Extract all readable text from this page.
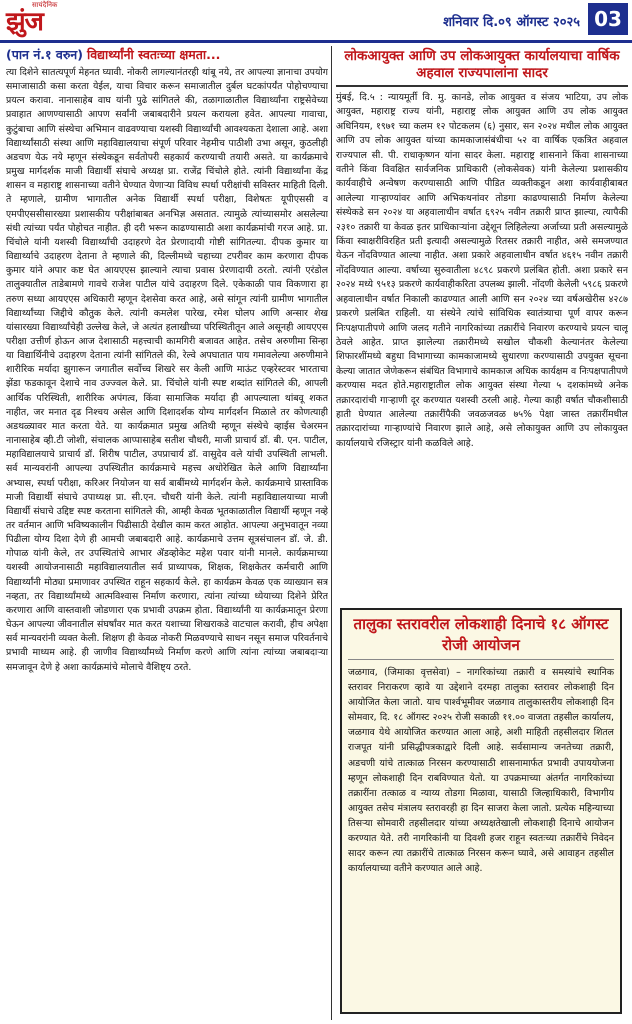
सायंदैनिक
झुंज	शनिवार दि.०९ ऑगस्ट २०२५ 03
(पान नं.१ वरुन) विद्यार्थ्यांनी स्वतःच्या क्षमता...

त्या दिशेने सातत्यपूर्ण मेहनत घ्यावी. नोकरी लागल्यानंतरही थांबू नये, तर आपल्या ज्ञानाचा उपयोग समाजासाठी कसा करता येईल, याचा विचार करून समाजातील दुर्बल घटकांपर्यंत पोहोचण्याचा प्रयत्न करावा. नानासाहेब वाघ यांनी पुढे सांगितले की, तळागाळातील विद्यार्थ्यांना राष्ट्रसेवेच्या प्रवाहात आणण्यासाठी आपण सर्वांनी जबाबदारीने प्रयत्न करायला हवेत. आपल्या गावाचा, कुटुंबाचा आणि संस्थेचा अभिमान वाढवण्याचा यशस्वी विद्यार्थ्यांची आवश्यकता देशाला आहे. अशा विद्यार्थ्यांसाठी संस्था आणि महाविद्यालयाचा संपूर्ण परिवार नेहमीच पाठीशी उभा असून, कुठलीही अडचण येऊ नये म्हणून संस्थेकडून सर्वतोपरी सहकार्य करण्याची तयारी असते. या कार्यक्रमाचे प्रमुख मार्गदर्शक माजी विद्यार्थी संघाचे अध्यक्ष प्रा. राजेंद्र चिंचोले होते. त्यांनी विद्यार्थ्यांना केंद्र शासन व महाराष्ट्र शासनाच्या वतीने घेण्यात येणाऱ्या विविध स्पर्धा परीक्षांची सविस्तर माहिती दिली. ते म्हणाले, ग्रामीण भागातील अनेक विद्यार्थी स्पर्धा परीक्षा, विशेषतः यूपीएससी व एमपीएससीसारख्या प्रशासकीय परीक्षांबाबत अनभिज्ञ असतात. त्यामुळे त्यांच्यासमोर असलेल्या संधी त्यांच्या पर्यंत पोहोचत नाहीत. ही दरी भरून काढण्यासाठी अशा कार्यक्रमांची गरज आहे. प्रा. चिंचोले यांनी यशस्वी विद्यार्थ्यांची उदाहरणे देत प्रेरणादायी गोष्टी सांगितल्या. दीपक कुमार या विद्यार्थ्याचे उदाहरण देताना ते म्हणाले की, दिल्लीमध्ये चहाच्या टपरीवर काम करणारा दीपक कुमार यांने अपार कष्ट घेत आयएएस झाल्याने त्याचा प्रवास प्रेरणादायी ठरतो. त्यांनी एरंडोल तालुक्यातील ताडेबामणे गावचे राजेश पाटील यांचे उदाहरण दिले. एकेकाळी पाव विकणारा हा तरुण सध्या आयएएस अधिकारी म्हणून देशसेवा करत आहे, असे सांगून त्यांनी ग्रामीण भागातील विद्यार्थ्यांच्या जिद्दीचे कौतुक केले. त्यांनी कमलेश पारेख, रमेश घोलप आणि अन्सार शेख यांसारख्या विद्यार्थ्यांचेही उल्लेख केले, जे अत्यंत हलाखीच्या परिस्थितीतून आले असूनही आयएएस परीक्षा उत्तीर्ण होऊन आज देशासाठी महत्त्वाची कामगिरी बजावत आहेत. तसेच अरुणीमा सिन्हा या विद्यार्थिनीचे उदाहरण देताना त्यांनी सांगितले की, रेल्वे अपघातात पाय गमावलेल्या अरुणीमाने शारीरिक मर्यादा झुगारून जगातील सर्वोच्च शिखरे सर केली आणि माऊंट एव्हरेस्टवर भारताचा झेंडा फडकावून देशाचे नाव उज्ज्वल केले. प्रा. चिंचोले यांनी स्पष्ट शब्दांत सांगितले की, आपली आर्थिक परिस्थिती, शारीरिक अपंगत्व, किंवा सामाजिक मर्यादा ही आपल्याला थांबवू शकत नाहीत, जर मनात दृढ निश्चय असेल आणि दिशादर्शक योग्य मार्गदर्शन मिळाले तर कोणत्याही अडथळ्यावर मात करता येते. या कार्यक्रमात प्रमुख अतिथी म्हणून संस्थेचे व्हाईस चेअरमन नानासाहेब व्ही.टी जोशी, संचालक आप्पासाहेब सतीश चौधरी, माजी प्राचार्य डॉ. बी. एन. पाटील, महाविद्यालयाचे प्राचार्य डॉ. शिरीष पाटील, उपप्राचार्य डॉ. वासुदेव वले यांची उपस्थिती लाभली. सर्व मान्यवरांनी आपल्या उपस्थितीत कार्यक्रमाचे महत्त्व अधोरेखित केले आणि विद्यार्थ्यांना अभ्यास, स्पर्धा परीक्षा, करिअर नियोजन या सर्व बाबींमध्ये मार्गदर्शन केले. कार्यक्रमाचे प्रास्ताविक माजी विद्यार्थी संघाचे उपाध्यक्ष प्रा. सी.एन. चौधरी यांनी केले. त्यांनी महाविद्यालयाच्या माजी विद्यार्थी संघाचे उद्दिष्ट स्पष्ट करताना सांगितले की, आम्ही केवळ भूतकाळातील विद्यार्थी म्हणून नव्हे तर वर्तमान आणि भविष्यकालीन पिढीसाठी देखील काम करत आहोत. आपल्या अनुभवातून नव्या पिढीला योग्य दिशा देणे ही आमची जबाबदारी आहे. कार्यक्रमाचे उत्तम सूत्रसंचालन डॉ. जे. डी. गोपाळ यांनी केले, तर उपस्थितांचे आभार ॲडव्होकेट महेश पवार यांनी मानले. कार्यक्रमाच्या यशस्वी आयोजनासाठी महाविद्यालयातील सर्व प्राध्यापक, शिक्षक, शिक्षकेतर कर्मचारी आणि विद्यार्थ्यांनी मोठ्या प्रमाणावर उपस्थित राहून सहकार्य केले. हा कार्यक्रम केवळ एक व्याख्यान सत्र नव्हता, तर विद्यार्थ्यांमध्ये आत्मविश्वास निर्माण करणारा, त्यांना त्यांच्या ध्येयाच्या दिशेने प्रेरित करणारा आणि वास्तवाशी जोडणारा एक प्रभावी उपक्रम होता. विद्यार्थ्यांनी या कार्यक्रमातून प्रेरणा घेऊन आपल्या जीवनातील संघर्षांवर मात करत यशाच्या शिखराकडे वाटचाल करावी, हीच अपेक्षा सर्व मान्यवरांनी व्यक्त केली. शिक्षण ही केवळ नोकरी मिळवण्याचे साधन नसून समाज परिवर्तनाचे प्रभावी माध्यम आहे. ही जाणीव विद्यार्थ्यांमध्ये निर्माण करणे आणि त्यांना त्यांच्या जबाबदाऱ्या समजावून देणे हे अशा कार्यक्रमांचे मोलाचे वैशिष्ट्य ठरते.

लोकआयुक्त आणि उप लोकआयुक्त कार्यालयाचा वार्षिक अहवाल राज्यपालांना सादर

मुंबई, दि.५ : न्यायमूर्ती वि. मु. कानडे, लोक आयुक्त व संजय भाटिया, उप लोक आयुक्त, महाराष्ट्र राज्य यांनी, महाराष्ट्र लोक आयुक्त आणि उप लोक आयुक्त अधिनियम, १९७१ च्या कलम १२ पोटकलम (६) नुसार, सन २०२४ मधील लोक आयुक्त आणि उप लोक आयुक्त यांच्या कामकाजासंबंधीचा ५२ वा वार्षिक एकत्रित अहवाल राज्यपाल सी. पी. राधाकृष्णन यांना सादर केला. महाराष्ट्र शासनाने किंवा शासनाच्या वतीने किंवा विवक्षित सार्वजनिक प्राधिकारी (लोकसेवक) यांनी केलेल्या प्रशासकीय कार्यवाहीचे अन्वेषण करण्यासाठी आणि पीडित व्यक्तीकडून अशा कार्यवाहीबाबत आलेल्या गाऱ्हाण्यांवर आणि अभिकथनांवर तोडगा काढण्यासाठी निर्माण केलेल्या संस्थेकडे सन २०२४ या अहवालाधीन वर्षात ६९२५ नवीन तक्रारी प्राप्त झाल्या, त्यापैकी २३१० तक्रारी या केवळ इतर प्राधिकाऱ्यांना उद्देशून लिहिलेल्या अर्जाच्या प्रती असल्यामुळे किंवा स्वाक्षरीविरहित प्रती इत्यादी असल्यामुळे रितसर तक्रारी नाहीत, असे समजण्यात येऊन नोंदविण्यात आल्या नाहीत. अशा प्रकारे अहवालाधीन वर्षात ४६१५ नवीन तक्रारी नोंदविण्यात आल्या. वर्षाच्या सुरुवातीला ४८९८ प्रकरणे प्रलंबित होती. अशा प्रकारे सन २०२४ मध्ये ९५१३ प्रकरणे कार्यवाहीकरिता उपलब्ध झाली. नोंदणी केलेली ५९८६ प्रकरणे अहवालाधीन वर्षात निकाली काढण्यात आली आणि सन २०२४ च्या वर्षअखेरीस ४२८७ प्रकरणे प्रलंबित राहिली. या संस्थेने त्यांचे सांविधिक स्वातंत्र्याचा पूर्ण वापर करून निःपक्षपातीपणे आणि जलद गतीने नागरिकांच्या तक्रारींचे निवारण करण्याचे प्रयत्न चालू ठेवले आहेत. प्राप्त झालेल्या तक्रारीमध्ये सखोल चौकशी केल्यानंतर केलेल्या शिफारशींमध्ये बहुधा विभागाच्या कामकाजामध्ये सुधारणा करण्यासाठी उपयुक्त सूचना केल्या जातात जेणेकरून संबंधित विभागाचे कामकाज अधिक कार्यक्षम व निःपक्षपातीपणे करण्यास मदत होते.महाराष्ट्रातील लोक आयुक्त संस्था गेल्या ५ दशकांमध्ये अनेक तक्रारदारांची गाऱ्हाणी दूर करण्यात यशस्वी ठरली आहे. गेल्या काही वर्षात चौकशीसाठी हाती घेण्यात आलेल्या तक्रारींपैकी जवळजवळ ७५% पेक्षा जास्त तक्रारींमधील तक्रारदारांच्या गाऱ्हाण्यांचे निवारण झाले आहे, असे लोकायुक्त आणि उप लोकायुक्त कार्यालयाचे रजिस्ट्रार यांनी कळविले आहे.

तालुका स्तरावरील लोकशाही दिनाचे १८ ऑगस्ट रोजी आयोजन
जळगाव, (जिमाका वृत्तसेवा) – नागरिकांच्या तक्रारी व समस्यांचे स्थानिक स्तरावर निराकरण व्हावे या उद्देशाने दरमहा तालुका स्तरावर लोकशाही दिन आयोजित केला जातो. याच पार्श्वभूमीवर जळगाव तालुकास्तरीय लोकशाही दिन सोमवार, दि. १८ ऑगस्ट २०२५ रोजी सकाळी ११.०० वाजता तहसील कार्यालय, जळगाव येथे आयोजित करण्यात आला आहे, अशी माहिती तहसीलदार शितल राजपूत यांनी प्रसिद्धीपत्रकाद्वारे दिली आहे. सर्वसामान्य जनतेच्या तक्रारी, अडचणी यांचे तात्काळ निरसन करण्यासाठी शासनामार्फत प्रभावी उपाययोजना म्हणून लोकशाही दिन राबविण्यात येतो. या उपक्रमाच्या अंतर्गत नागरिकांच्या तक्रारींना तत्काळ व न्याय्य तोडगा मिळावा, यासाठी जिल्हाधिकारी, विभागीय आयुक्त तसेच मंत्रालय स्तरावरही हा दिन साजरा केला जातो. प्रत्येक महिन्याच्या तिसऱ्या सोमवारी तहसीलदार यांच्या अध्यक्षतेखाली लोकशाही दिनाचे आयोजन करण्यात येते. तरी नागरिकांनी या दिवशी हजर राहून स्वतःच्या तक्रारींचे निवेदन सादर करून त्या तक्रारींचे तात्काळ निरसन करून घ्यावे, असे आवाहन तहसील कार्यालयाच्या वतीने करण्यात आले आहे.
